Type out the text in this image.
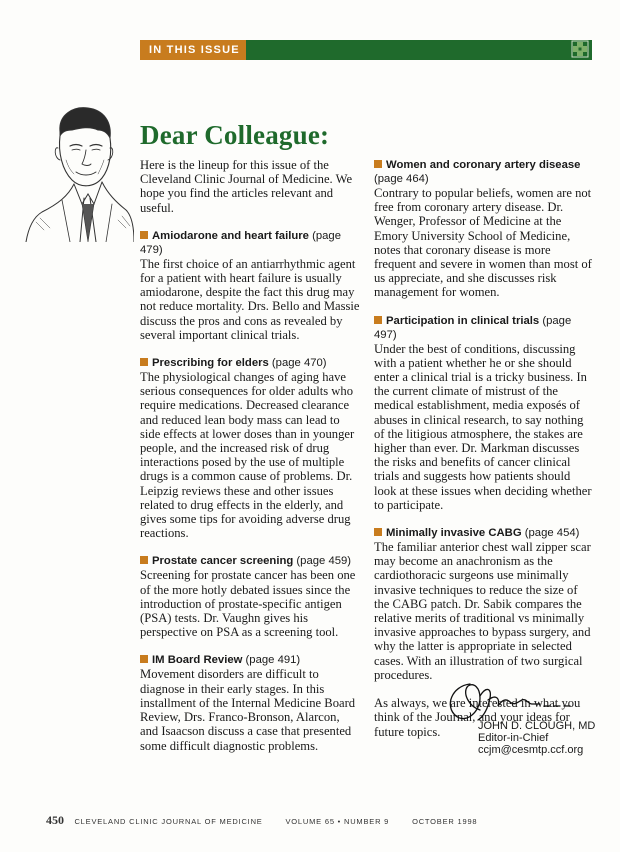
IN THIS ISSUE
Dear Colleague:

Here is the lineup for this issue of the Cleveland Clinic Journal of Medicine. We hope you find the articles relevant and useful.

Amiodarone and heart failure (page 479)

The first choice of an antiarrhythmic agent for a patient with heart failure is usually amiodarone, despite the fact this drug may not reduce mortality. Drs. Bello and Massie discuss the pros and cons as revealed by several important clinical trials.

Prescribing for elders (page 470)

The physiological changes of aging have serious consequences for older adults who require medications. Decreased clearance and reduced lean body mass can lead to side effects at lower doses than in younger people, and the increased risk of drug interactions posed by the use of multiple drugs is a common cause of problems. Dr. Leipzig reviews these and other issues related to drug effects in the elderly, and gives some tips for avoiding adverse drug reactions.

Prostate cancer screening (page 459)

Screening for prostate cancer has been one of the more hotly debated issues since the introduction of prostate-specific antigen (PSA) tests. Dr. Vaughn gives his perspective on PSA as a screening tool.

IM Board Review (page 491)

Movement disorders are difficult to diagnose in their early stages. In this installment of the Internal Medicine Board Review, Drs. Franco-Bronson, Alarcon, and Isaacson discuss a case that presented some difficult diagnostic problems.

Women and coronary artery disease (page 464)

Contrary to popular beliefs, women are not free from coronary artery disease. Dr. Wenger, Professor of Medicine at the Emory University School of Medicine, notes that coronary disease is more frequent and severe in women than most of us appreciate, and she discusses risk management for women.

Participation in clinical trials (page 497)

Under the best of conditions, discussing with a patient whether he or she should enter a clinical trial is a tricky business. In the current climate of mistrust of the medical establishment, media exposés of abuses in clinical research, to say nothing of the litigious atmosphere, the stakes are higher than ever. Dr. Markman discusses the risks and benefits of cancer clinical trials and suggests how patients should look at these issues when deciding whether to participate.

Minimally invasive CABG (page 454)

The familiar anterior chest wall zipper scar may become an anachronism as the cardiothoracic surgeons use minimally invasive techniques to reduce the size of the CABG patch. Dr. Sabik compares the relative merits of traditional vs minimally invasive approaches to bypass surgery, and why the latter is appropriate in selected cases. With an illustration of two surgical procedures.

As always, we are interested in what you think of the Journal, and your ideas for future topics.	JOHN D. CLOUGH, MD
Editor-in-Chief
ccjm@cesmtp.ccf.org
450 CLEVELAND CLINIC JOURNAL OF MEDICINE	VOLUME 65 • NUMBER 9	OCTOBER 1998
